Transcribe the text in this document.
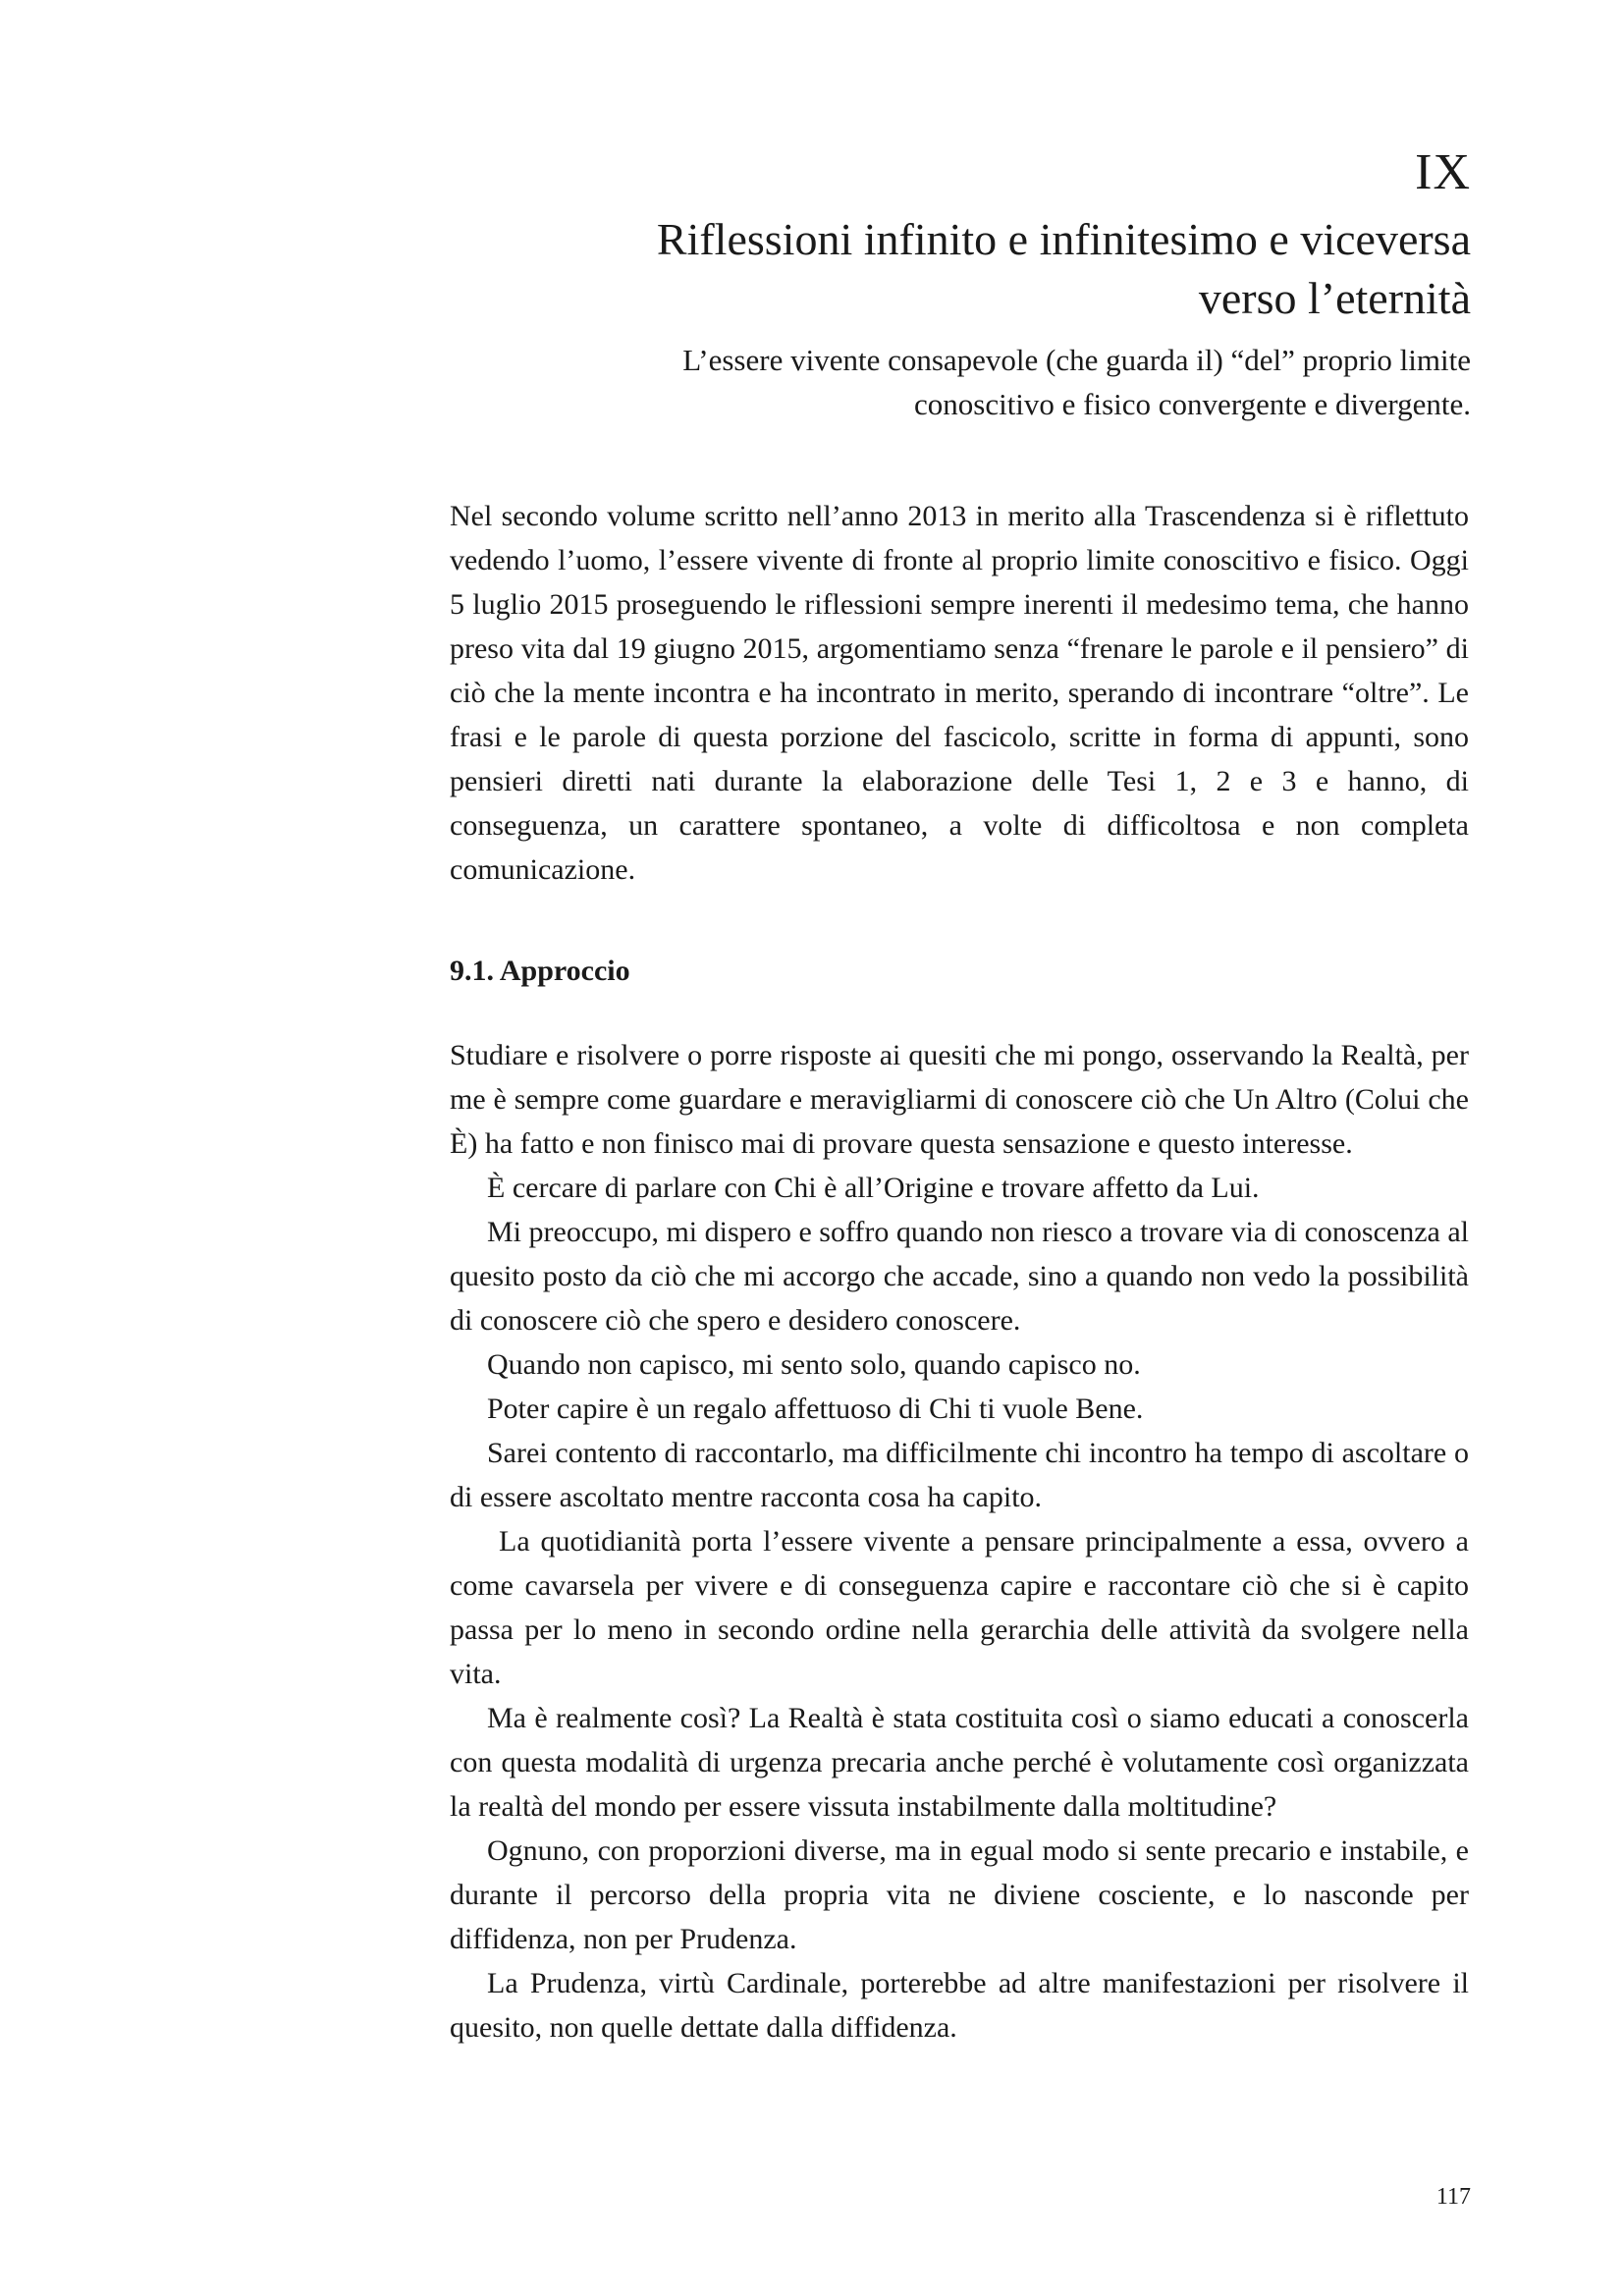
IX
Riflessioni infinito e infinitesimo e viceversa
verso l’eternità
L’essere vivente consapevole (che guarda il) “del” proprio limite
conoscitivo e fisico convergente e divergente.

Nel secondo volume scritto nell’anno 2013 in merito alla Trascendenza si è riflettuto vedendo l’uomo, l’essere vivente di fronte al proprio limite conoscitivo e fisico. Oggi 5 luglio 2015 proseguendo le riflessioni sempre inerenti il medesimo tema, che hanno preso vita dal 19 giugno 2015, argomentiamo senza “frenare le parole e il pensiero” di ciò che la mente incontra e ha incontrato in merito, sperando di incontrare “oltre”. Le frasi e le parole di questa porzione del fascicolo, scritte in forma di appunti, sono pensieri diretti nati durante la elaborazione delle Tesi 1, 2 e 3 e hanno, di conseguenza, un carattere spontaneo, a volte di difficoltosa e non completa comunicazione.

9.1. Approccio

Studiare e risolvere o porre risposte ai quesiti che mi pongo, osservando la Realtà, per me è sempre come guardare e meravigliarmi di conoscere ciò che Un Altro (Colui che È) ha fatto e non finisco mai di provare questa sensazione e questo interesse.

È cercare di parlare con Chi è all’Origine e trovare affetto da Lui.

Mi preoccupo, mi dispero e soffro quando non riesco a trovare via di conoscenza al quesito posto da ciò che mi accorgo che accade, sino a quando non vedo la possibilità di conoscere ciò che spero e desidero conoscere.

Quando non capisco, mi sento solo, quando capisco no.

Poter capire è un regalo affettuoso di Chi ti vuole Bene.

Sarei contento di raccontarlo, ma difficilmente chi incontro ha tempo di ascoltare o di essere ascoltato mentre racconta cosa ha capito.

La quotidianità porta l’essere vivente a pensare principalmente a essa, ovvero a come cavarsela per vivere e di conseguenza capire e raccontare ciò che si è capito passa per lo meno in secondo ordine nella gerarchia delle attività da svolgere nella vita.

Ma è realmente così? La Realtà è stata costituita così o siamo educati a conoscerla con questa modalità di urgenza precaria anche perché è volutamente così organizzata la realtà del mondo per essere vissuta instabilmente dalla moltitudine?

Ognuno, con proporzioni diverse, ma in egual modo si sente precario e instabile, e durante il percorso della propria vita ne diviene cosciente, e lo nasconde per diffidenza, non per Prudenza.

La Prudenza, virtù Cardinale, porterebbe ad altre manifestazioni per risolvere il quesito, non quelle dettate dalla diffidenza.

117
